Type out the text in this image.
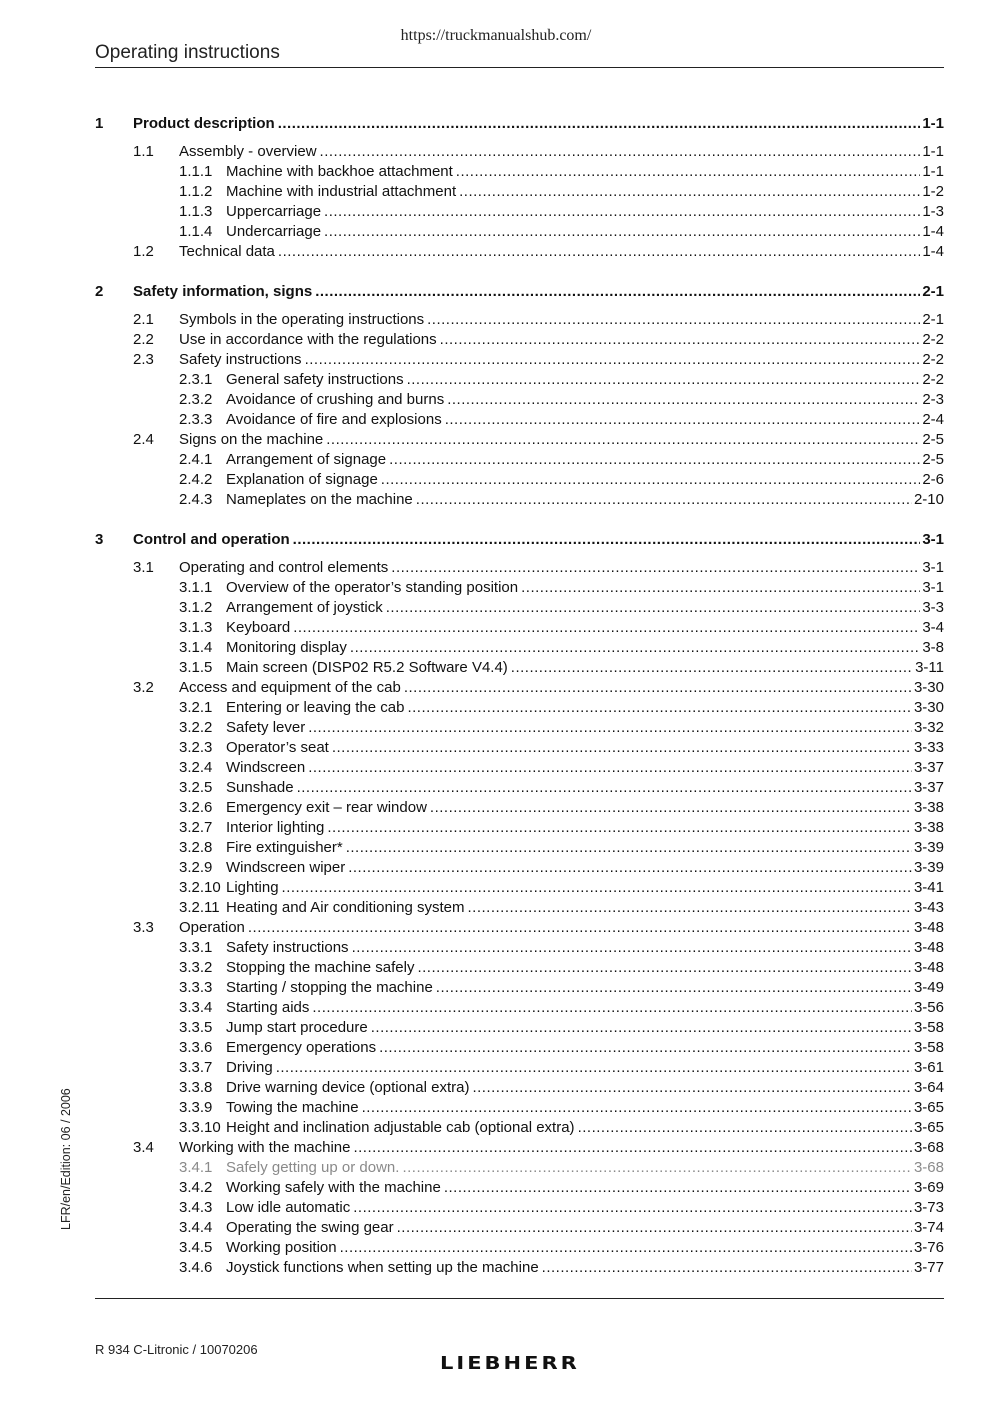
https://truckmanualshub.com/
Operating instructions
1	Product description .....	1-1
1.1	Assembly - overview .....	1-1
1.1.1 Machine with backhoe attachment .....	1-1
1.1.2 Machine with industrial attachment .....	1-2
1.1.3 Uppercarriage .....	1-3
1.1.4 Undercarriage .....	1-4
1.2	Technical data .....	1-4
2	Safety information, signs .....	2-1
2.1	Symbols in the operating instructions .....	2-1
2.2	Use in accordance with the regulations .....	2-2
2.3	Safety instructions .....	2-2
2.3.1 General safety instructions .....	2-2
2.3.2 Avoidance of crushing and burns .....	2-3
2.3.3 Avoidance of fire and explosions .....	2-4
2.4	Signs on the machine .....	2-5
2.4.1 Arrangement of signage .....	2-5
2.4.2 Explanation of signage .....	2-6
2.4.3 Nameplates on the machine .....	2-10
3	Control and operation .....	3-1
3.1	Operating and control elements .....	3-1
3.1.1 Overview of the operator’s standing position .....	3-1
3.1.2 Arrangement of joystick .....	3-3
3.1.3 Keyboard .....	3-4
3.1.4 Monitoring display .....	3-8
3.1.5 Main screen (DISP02 R5.2 Software V4.4) .....	3-11
3.2	Access and equipment of the cab .....	3-30
3.2.1 Entering or leaving the cab .....	3-30
3.2.2 Safety lever .....	3-32
3.2.3 Operator’s seat .....	3-33
3.2.4 Windscreen .....	3-37
3.2.5 Sunshade .....	3-37
3.2.6 Emergency exit – rear window .....	3-38
3.2.7 Interior lighting .....	3-38
3.2.8 Fire extinguisher* .....	3-39
3.2.9 Windscreen wiper .....	3-39
3.2.10 Lighting .....	3-41
3.2.11 Heating and Air conditioning system .....	3-43
3.3	Operation .....	3-48
3.3.1 Safety instructions .....	3-48
3.3.2 Stopping the machine safely .....	3-48
3.3.3 Starting / stopping the machine .....	3-49
3.3.4 Starting aids .....	3-56
3.3.5 Jump start procedure .....	3-58
3.3.6 Emergency operations .....	3-58
3.3.7 Driving .....	3-61
3.3.8 Drive warning device (optional extra) .....	3-64
3.3.9 Towing the machine .....	3-65
3.3.10 Height and inclination adjustable cab (optional extra) .....	3-65
3.4	Working with the machine .....	3-68
3.4.1 Safely getting up or down. .....	3-68
3.4.2 Working safely with the machine .....	3-69
3.4.3 Low idle automatic .....	3-73
3.4.4 Operating the swing gear .....	3-74
3.4.5 Working position .....	3-76
3.4.6 Joystick functions when setting up the machine .....	3-77
LFR/en/Edition: 06 / 2006
R 934 C-Litronic / 10070206
LIEBHERR
